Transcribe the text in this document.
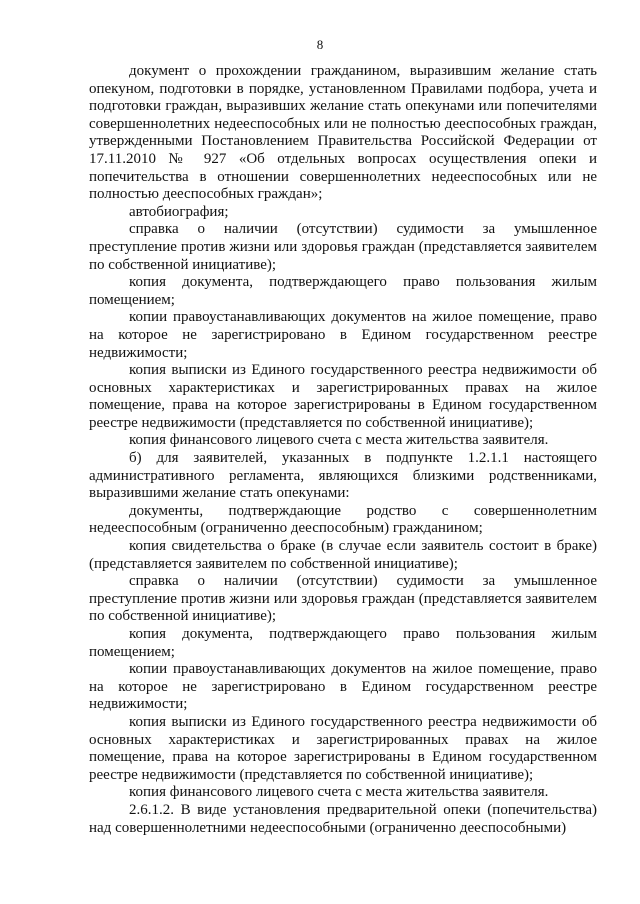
8

документ о прохождении гражданином, выразившим желание стать опекуном, подготовки в порядке, установленном Правилами подбора, учета и подготовки граждан, выразивших желание стать опекунами или попечителями совершеннолетних недееспособных или не полностью дееспособных граждан, утвержденными Постановлением Правительства Российской Федерации от 17.11.2010 № 927 «Об отдельных вопросах осуществления опеки и попечительства в отношении совершеннолетних недееспособных или не полностью дееспособных граждан»;

автобиография;

справка о наличии (отсутствии) судимости за умышленное преступление против жизни или здоровья граждан (представляется заявителем по собственной инициативе);

копия документа, подтверждающего право пользования жилым помещением;

копии правоустанавливающих документов на жилое помещение, право на которое не зарегистрировано в Едином государственном реестре недвижимости;

копия выписки из Единого государственного реестра недвижимости об основных характеристиках и зарегистрированных правах на жилое помещение, права на которое зарегистрированы в Едином государственном реестре недвижимости (представляется по собственной инициативе);

копия финансового лицевого счета с места жительства заявителя.

б) для заявителей, указанных в подпункте 1.2.1.1 настоящего административного регламента, являющихся близкими родственниками, выразившими желание стать опекунами:

документы, подтверждающие родство с совершеннолетним недееспособным (ограниченно дееспособным) гражданином;

копия свидетельства о браке (в случае если заявитель состоит в браке) (представляется заявителем по собственной инициативе);

справка о наличии (отсутствии) судимости за умышленное преступление против жизни или здоровья граждан (представляется заявителем по собственной инициативе);

копия документа, подтверждающего право пользования жилым помещением;

копии правоустанавливающих документов на жилое помещение, право на которое не зарегистрировано в Едином государственном реестре недвижимости;

копия выписки из Единого государственного реестра недвижимости об основных характеристиках и зарегистрированных правах на жилое помещение, права на которое зарегистрированы в Едином государственном реестре недвижимости (представляется по собственной инициативе);

копия финансового лицевого счета с места жительства заявителя.

2.6.1.2. В виде установления предварительной опеки (попечительства) над совершеннолетними недееспособными (ограниченно дееспособными)
